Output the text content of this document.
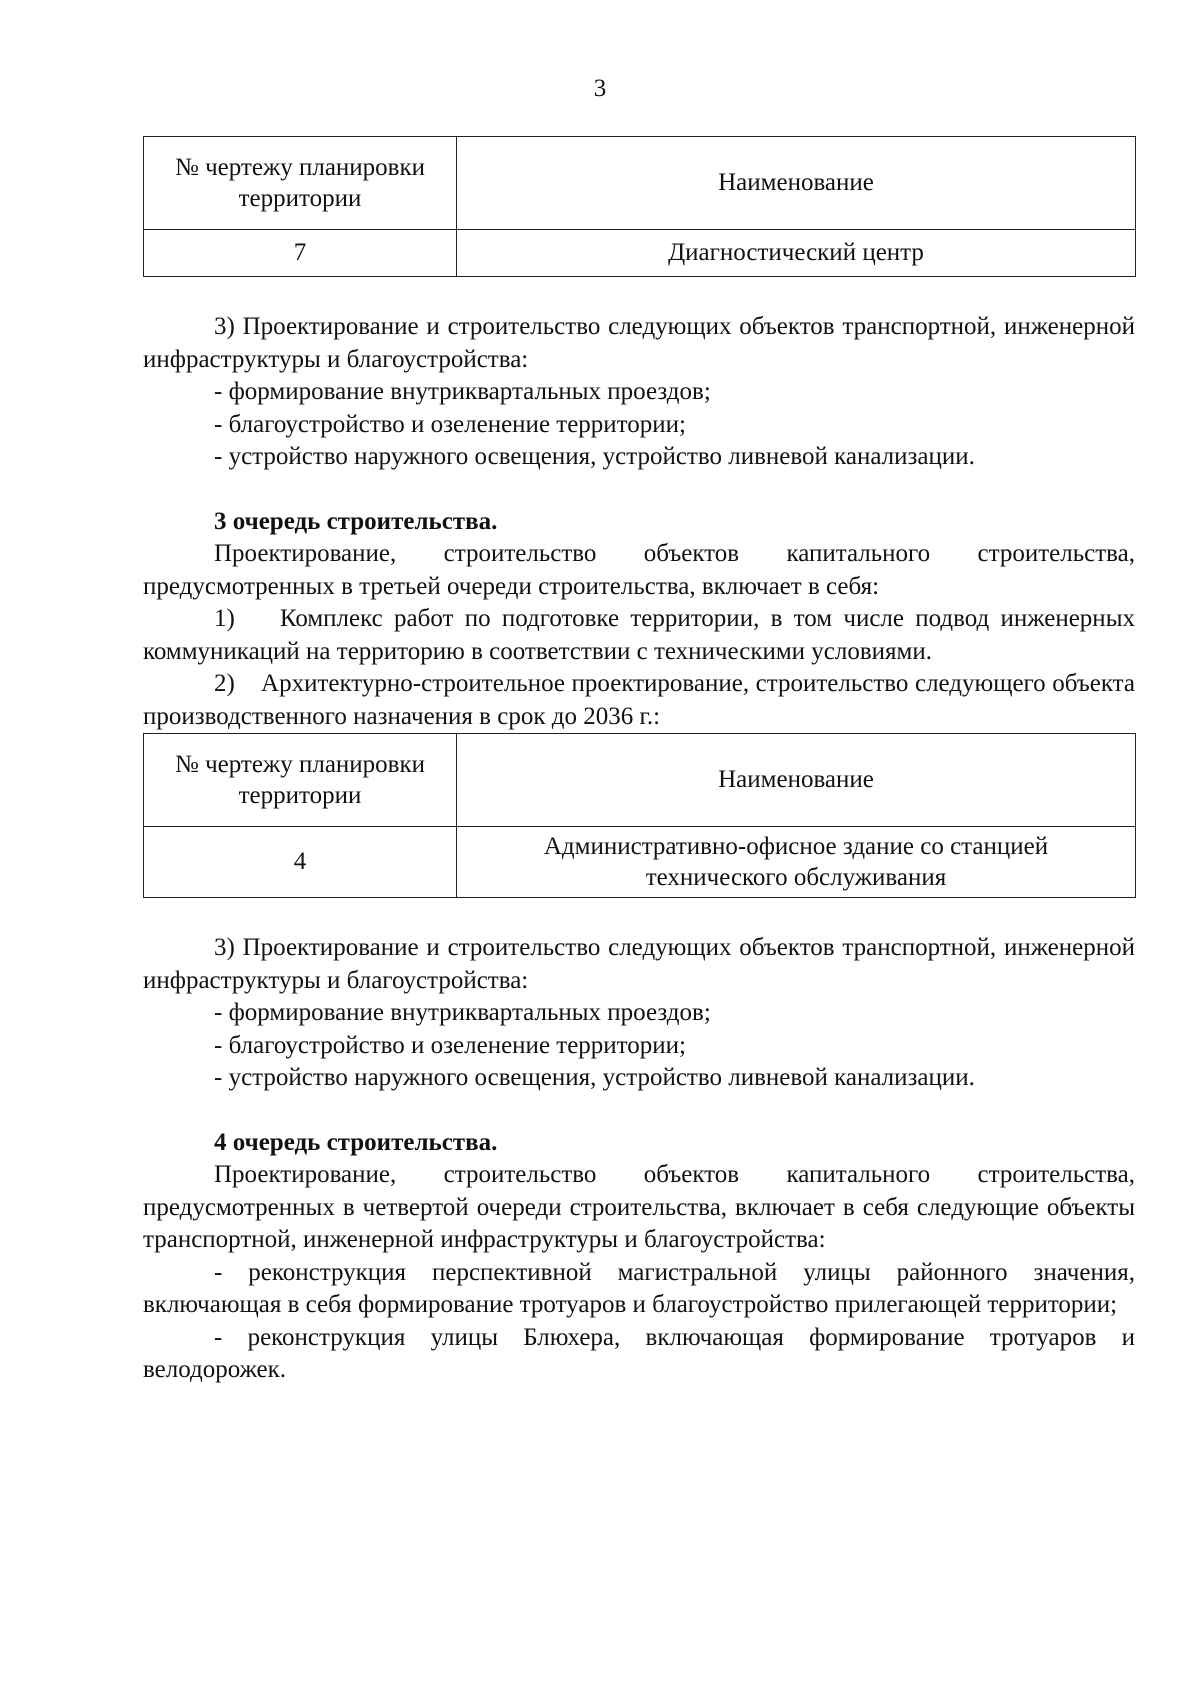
3
№ чертежу планировки
территории	Наименование
7	Диагностический центр

3) Проектирование и строительство следующих объектов транспортной, инженерной инфраструктуры и благоустройства:

- формирование внутриквартальных проездов;

- благоустройство и озеленение территории;

- устройство наружного освещения, устройство ливневой канализации.

3 очередь строительства.

Проектирование, строительство объектов капитального строительства, предусмотренных в третьей очереди строительства, включает в себя:

1)    Комплекс работ по подготовке территории, в том числе подвод инженерных коммуникаций на территорию в соответствии с техническими условиями.

2)    Архитектурно-строительное проектирование, строительство следующего объекта производственного назначения в срок до 2036 г.:

№ чертежу планировки
территории	Наименование
4	Административно-офисное здание со станцией
технического обслуживания

3) Проектирование и строительство следующих объектов транспортной, инженерной инфраструктуры и благоустройства:

- формирование внутриквартальных проездов;

- благоустройство и озеленение территории;

- устройство наружного освещения, устройство ливневой канализации.

4 очередь строительства.

Проектирование, строительство объектов капитального строительства, предусмотренных в четвертой очереди строительства, включает в себя следующие объекты транспортной, инженерной инфраструктуры и благоустройства:

- реконструкция перспективной магистральной улицы районного значения, включающая в себя формирование тротуаров и благоустройство прилегающей территории;

- реконструкция улицы Блюхера, включающая формирование тротуаров и велодорожек.
